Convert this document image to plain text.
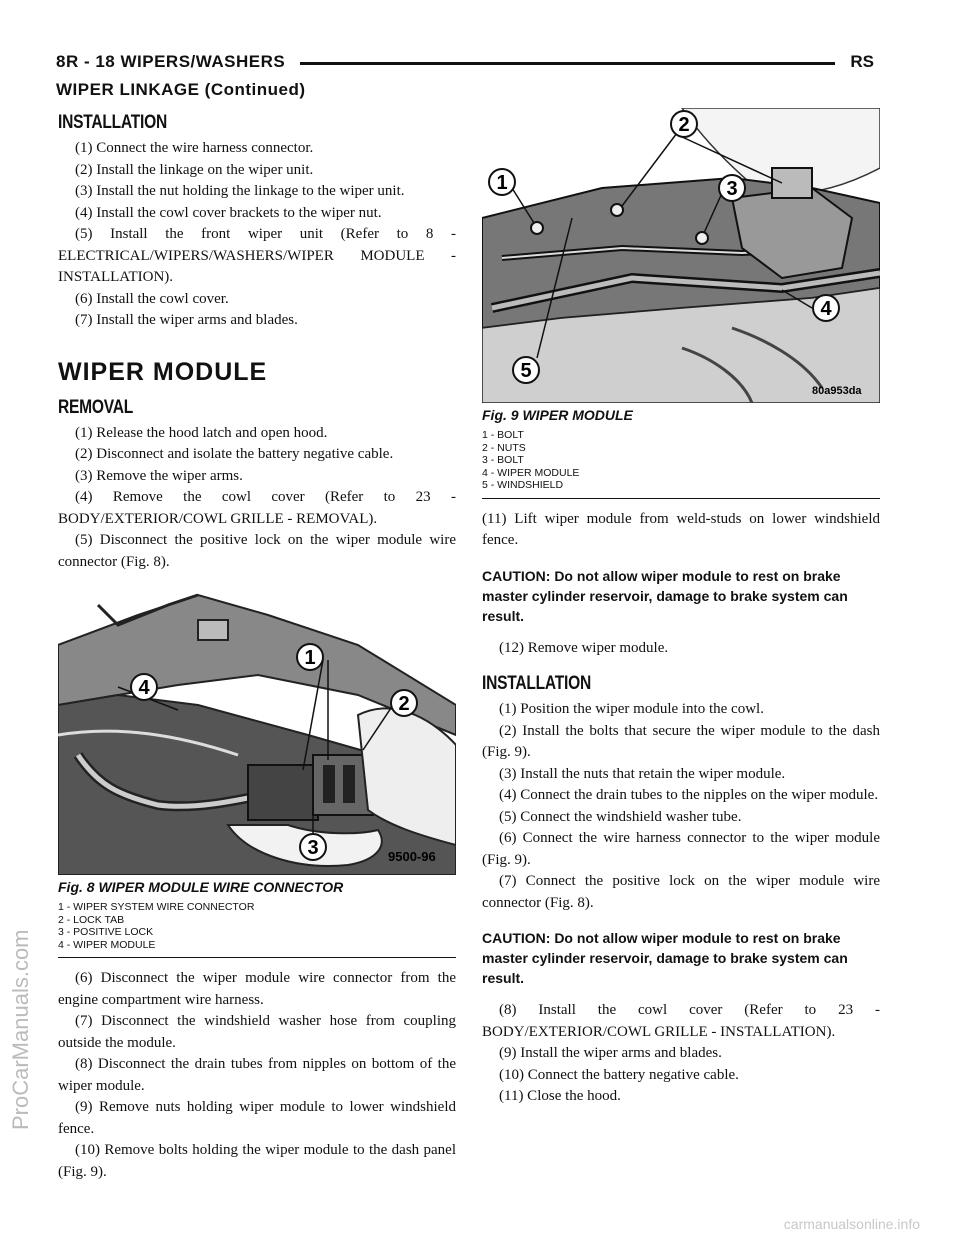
8R - 18 WIPERS/WASHERS	RS
WIPER LINKAGE (Continued)
INSTALLATION

(1) Connect the wire harness connector.

(2) Install the linkage on the wiper unit.

(3) Install the nut holding the linkage to the wiper unit.

(4) Install the cowl cover brackets to the wiper nut.

(5) Install the front wiper unit (Refer to 8 - ELECTRICAL/WIPERS/WASHERS/WIPER MODULE - INSTALLATION).

(6) Install the cowl cover.

(7) Install the wiper arms and blades.

WIPER MODULE
REMOVAL

(1) Release the hood latch and open hood.

(2) Disconnect and isolate the battery negative cable.

(3) Remove the wiper arms.

(4) Remove the cowl cover (Refer to 23 - BODY/EXTERIOR/COWL GRILLE - REMOVAL).

(5) Disconnect the positive lock on the wiper module wire connector (Fig. 8).

1
2
3
4
9500-96
Fig. 8 WIPER MODULE WIRE CONNECTOR
1 - WIPER SYSTEM WIRE CONNECTOR
2 - LOCK TAB
3 - POSITIVE LOCK
4 - WIPER MODULE

(6) Disconnect the wiper module wire connector from the engine compartment wire harness.

(7) Disconnect the windshield washer hose from coupling outside the module.

(8) Disconnect the drain tubes from nipples on bottom of the wiper module.

(9) Remove nuts holding wiper module to lower windshield fence.

(10) Remove bolts holding the wiper module to the dash panel (Fig. 9).

1
2
3
4
5
80a953da
Fig. 9 WIPER MODULE
1 - BOLT
2 - NUTS
3 - BOLT
4 - WIPER MODULE
5 - WINDSHIELD

(11) Lift wiper module from weld-studs on lower windshield fence.

CAUTION: Do not allow wiper module to rest on brake master cylinder reservoir, damage to brake system can result.

(12) Remove wiper module.

INSTALLATION

(1) Position the wiper module into the cowl.

(2) Install the bolts that secure the wiper module to the dash (Fig. 9).

(3) Install the nuts that retain the wiper module.

(4) Connect the drain tubes to the nipples on the wiper module.

(5) Connect the windshield washer tube.

(6) Connect the wire harness connector to the wiper module (Fig. 9).

(7) Connect the positive lock on the wiper module wire connector (Fig. 8).

CAUTION: Do not allow wiper module to rest on brake master cylinder reservoir, damage to brake system can result.

(8) Install the cowl cover (Refer to 23 - BODY/EXTERIOR/COWL GRILLE - INSTALLATION).

(9) Install the wiper arms and blades.

(10) Connect the battery negative cable.

(11) Close the hood.

ProCarManuals.com
carmanualsonline.info
